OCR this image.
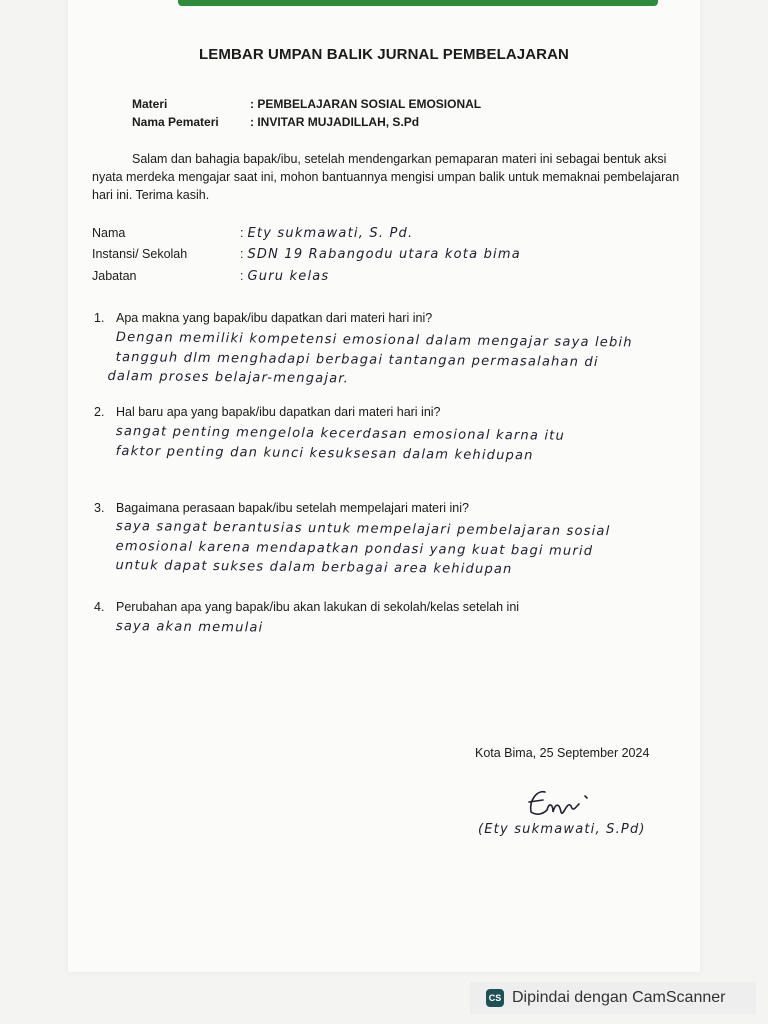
LEMBAR UMPAN BALIK JURNAL PEMBELAJARAN
Materi	: PEMBELAJARAN SOSIAL EMOSIONAL
Nama Pemateri	: INVITAR MUJADILLAH, S.Pd
Salam dan bahagia bapak/ibu, setelah mendengarkan pemaparan materi ini sebagai bentuk aksi nyata merdeka mengajar saat ini, mohon bantuannya mengisi umpan balik untuk memaknai pembelajaran hari ini. Terima kasih.
Nama	: Ety sukmawati, S. Pd.
Instansi/ Sekolah	: SDN 19 Rabangodu utara kota bima
Jabatan	: Guru kelas
1. Apa makna yang bapak/ibu dapatkan dari materi hari ini?
Dengan memiliki kompetensi emosional dalam mengajar saya lebih
tangguh dlm menghadapi berbagai tantangan permasalahan di
dalam proses belajar-mengajar.
2. Hal baru apa yang bapak/ibu dapatkan dari materi hari ini?
sangat penting mengelola kecerdasan emosional karna itu
faktor penting dan kunci kesuksesan dalam kehidupan
3. Bagaimana perasaan bapak/ibu setelah mempelajari materi ini?
saya sangat berantusias untuk mempelajari pembelajaran sosial
emosional karena mendapatkan pondasi yang kuat bagi murid
untuk dapat sukses dalam berbagai area kehidupan
4. Perubahan apa yang bapak/ibu akan lakukan di sekolah/kelas setelah ini
saya akan memulai
Kota Bima, 25 September 2024
(Ety sukmawati, S.Pd)
CS Dipindai dengan CamScanner
